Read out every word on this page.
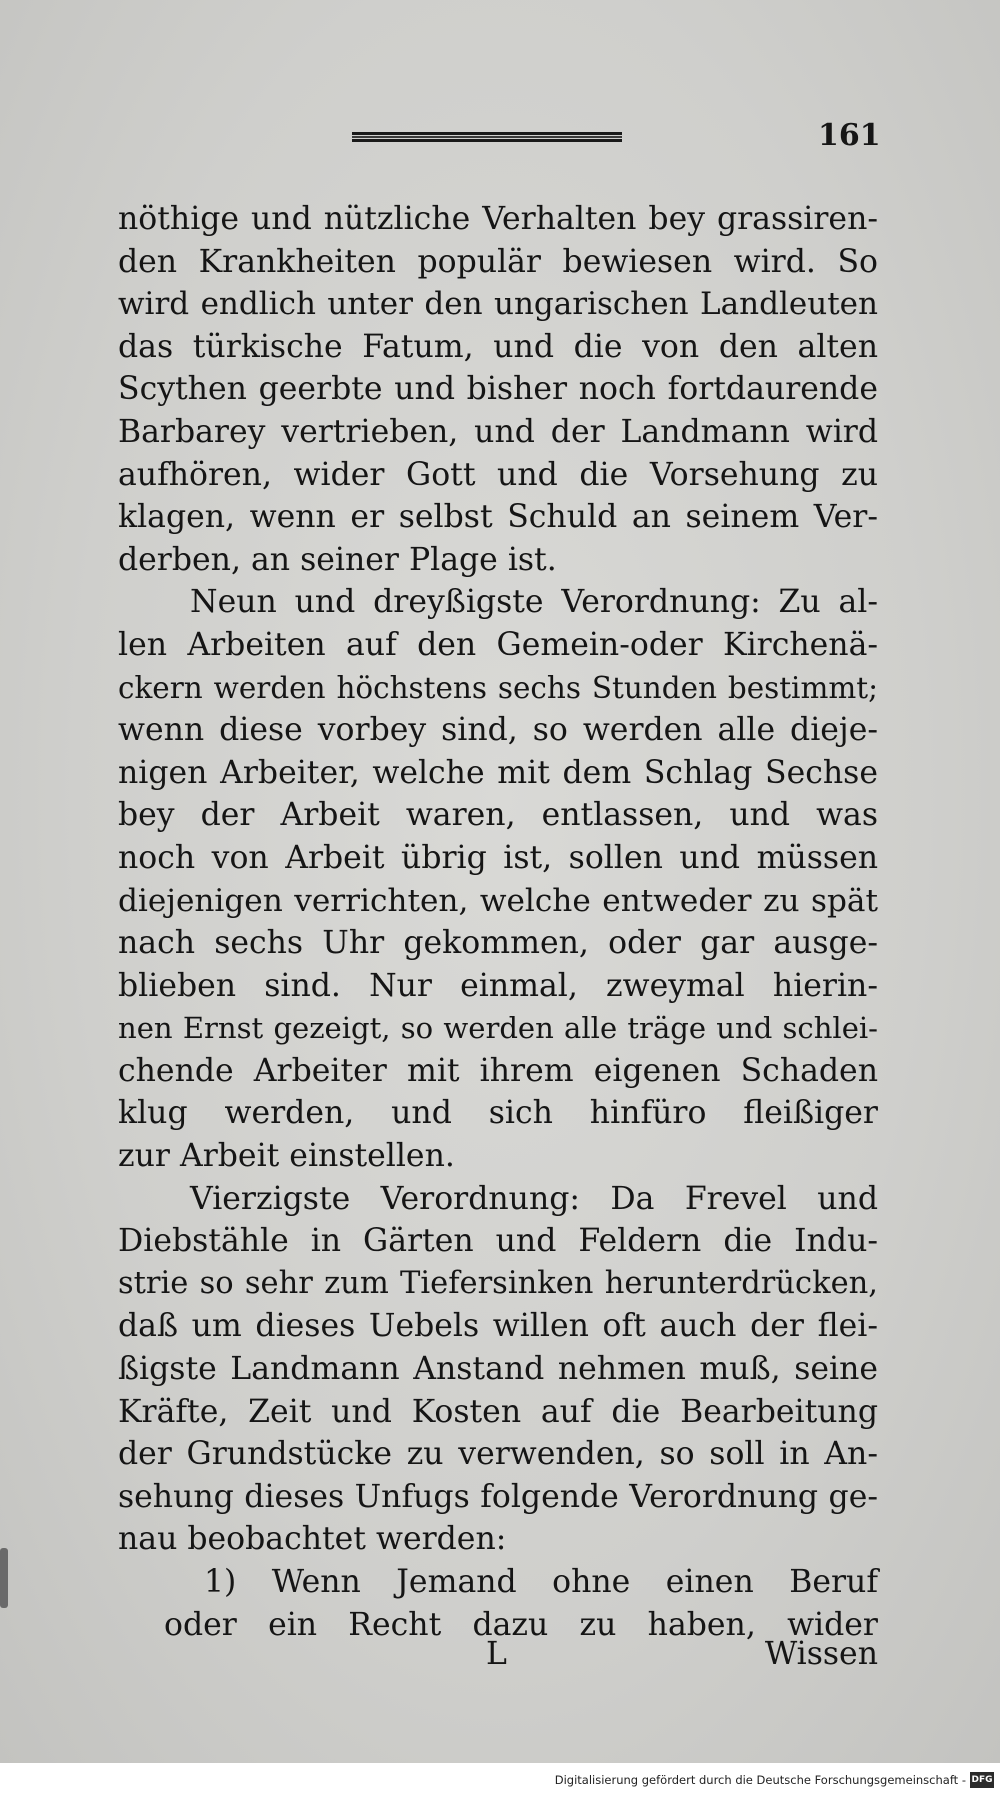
161
nöthige und nützliche Verhalten bey grassiren-
den Krankheiten populär bewiesen wird. So
wird endlich unter den ungarischen Landleuten
das türkische Fatum, und die von den alten
Scythen geerbte und bisher noch fortdaurende
Barbarey vertrieben, und der Landmann wird
aufhören, wider Gott und die Vorsehung zu
klagen, wenn er selbst Schuld an seinem Ver-
derben, an seiner Plage ist.
Neun und dreyßigste Verordnung: Zu al-
len Arbeiten auf den Gemein-oder Kirchenä-
ckern werden höchstens sechs Stunden bestimmt;
wenn diese vorbey sind, so werden alle dieje-
nigen Arbeiter, welche mit dem Schlag Sechse
bey der Arbeit waren, entlassen, und was
noch von Arbeit übrig ist, sollen und müssen
diejenigen verrichten, welche entweder zu spät
nach sechs Uhr gekommen, oder gar ausge-
blieben sind. Nur einmal, zweymal hierin-
nen Ernst gezeigt, so werden alle träge und schlei-
chende Arbeiter mit ihrem eigenen Schaden
klug werden, und sich hinfüro fleißiger
zur Arbeit einstellen.
Vierzigste Verordnung: Da Frevel und
Diebstähle in Gärten und Feldern die Indu-
strie so sehr zum Tiefersinken herunterdrücken,
daß um dieses Uebels willen oft auch der flei-
ßigste Landmann Anstand nehmen muß, seine
Kräfte, Zeit und Kosten auf die Bearbeitung
der Grundstücke zu verwenden, so soll in An-
sehung dieses Unfugs folgende Verordnung ge-
nau beobachtet werden:
1) Wenn Jemand ohne einen Beruf
oder ein Recht dazu zu haben, wider
L	Wissen
Digitalisierung gefördert durch die Deutsche Forschungsgemeinschaft - DFG
